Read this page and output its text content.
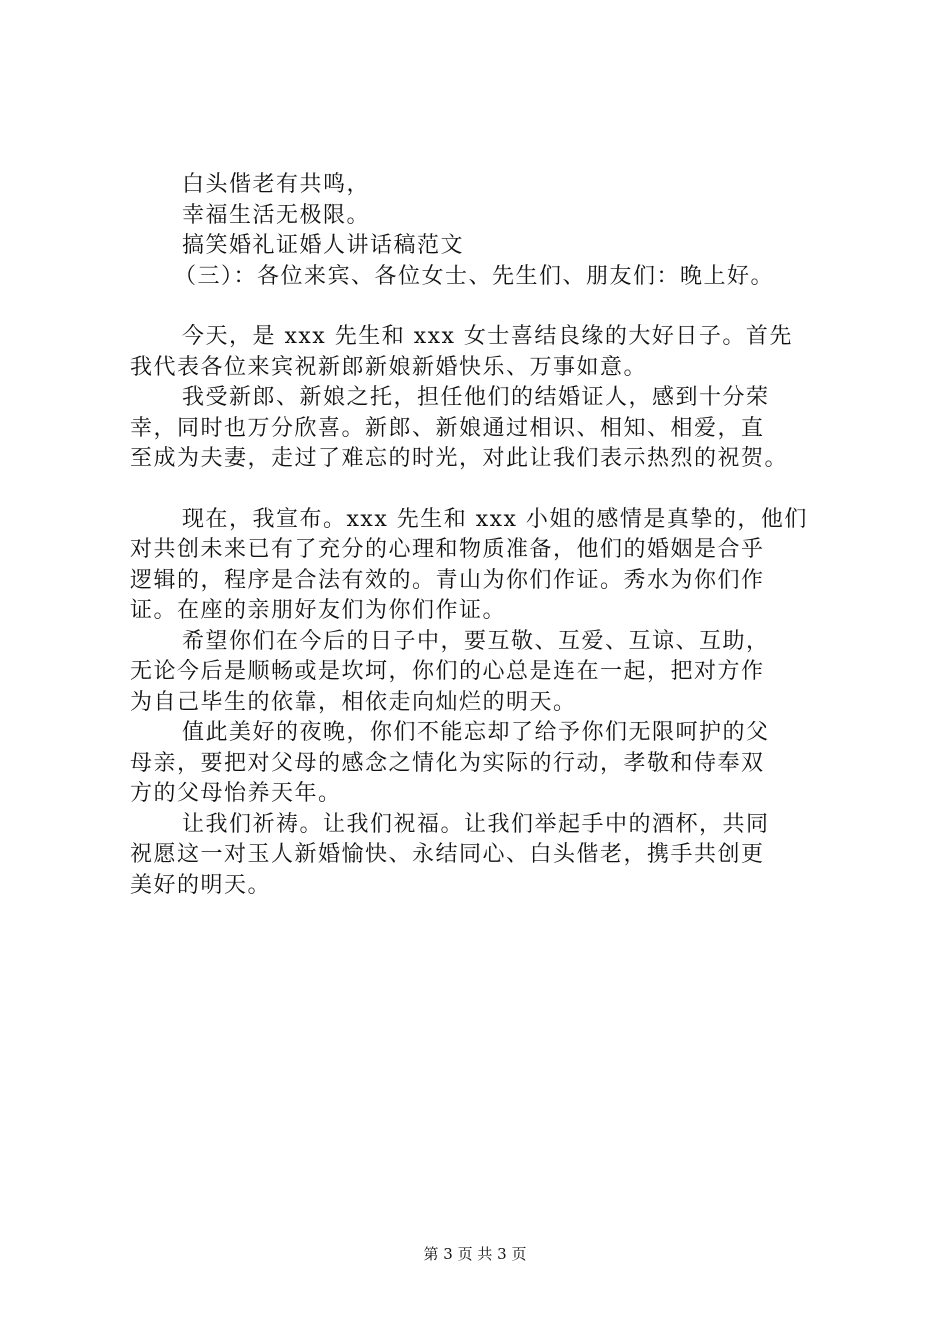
白头偕老有共鸣，
幸福生活无极限。
搞笑婚礼证婚人讲话稿范文
（三）：各位来宾、各位女士、先生们、朋友们：晚上好。
今天，是 xxx 先生和 xxx 女士喜结良缘的大好日子。首先
我代表各位来宾祝新郎新娘新婚快乐、万事如意。
我受新郎、新娘之托，担任他们的结婚证人，感到十分荣
幸，同时也万分欣喜。新郎、新娘通过相识、相知、相爱，直
至成为夫妻，走过了难忘的时光，对此让我们表示热烈的祝贺。
现在，我宣布。xxx 先生和 xxx 小姐的感情是真挚的，他们
对共创未来已有了充分的心理和物质准备，他们的婚姻是合乎
逻辑的，程序是合法有效的。青山为你们作证。秀水为你们作
证。在座的亲朋好友们为你们作证。
希望你们在今后的日子中，要互敬、互爱、互谅、互助，
无论今后是顺畅或是坎坷，你们的心总是连在一起，把对方作
为自己毕生的依靠，相依走向灿烂的明天。
值此美好的夜晚，你们不能忘却了给予你们无限呵护的父
母亲，要把对父母的感念之情化为实际的行动，孝敬和侍奉双
方的父母怡养天年。
让我们祈祷。让我们祝福。让我们举起手中的酒杯，共同
祝愿这一对玉人新婚愉快、永结同心、白头偕老，携手共创更
美好的明天。
第 3 页 共 3 页
